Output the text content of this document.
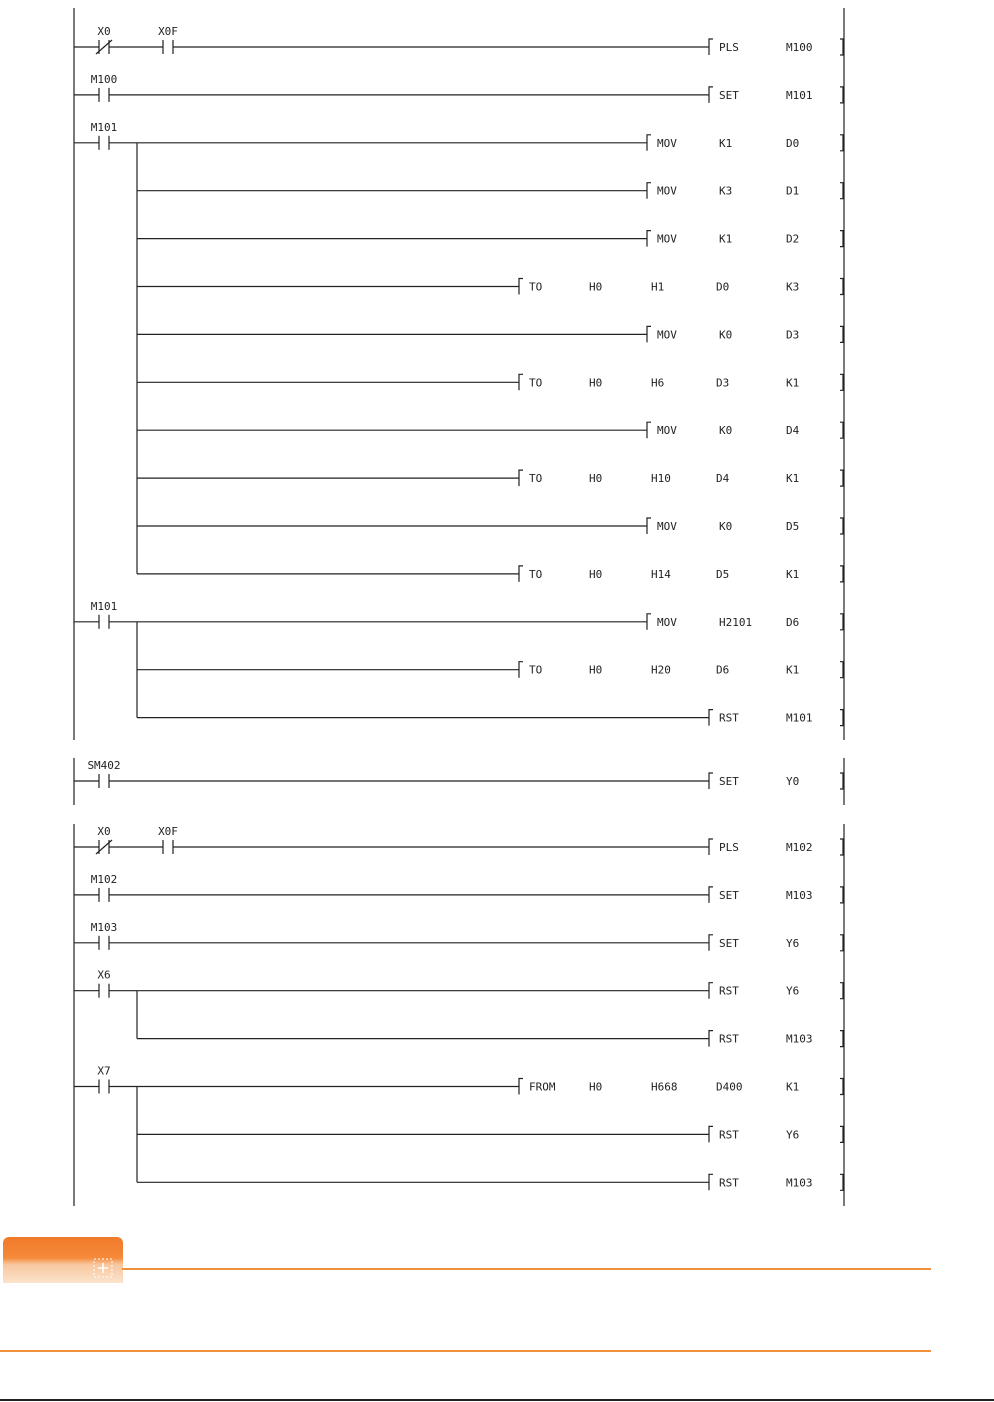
X0	X0F
PLS	M100
M100
SET	M101
M101
MOV	K1	D0
MOV	K3	D1
MOV	K1	D2
TO	H0	H1	D0	K3
MOV	K0	D3
TO	H0	H6	D3	K1
MOV	K0	D4
TO	H0	H10	D4	K1
MOV	K0	D5
TO	H0	H14	D5	K1
M101
MOV	H2101	D6
TO	H0	H20	D6	K1
RST	M101
SM402
SET	Y0
X0	X0F
PLS	M102
M102
SET	M103
M103
SET	Y6
X6
RST	Y6
RST	M103
X7
FROM	H0	H668	D400	K1
RST	Y6
RST	M103
